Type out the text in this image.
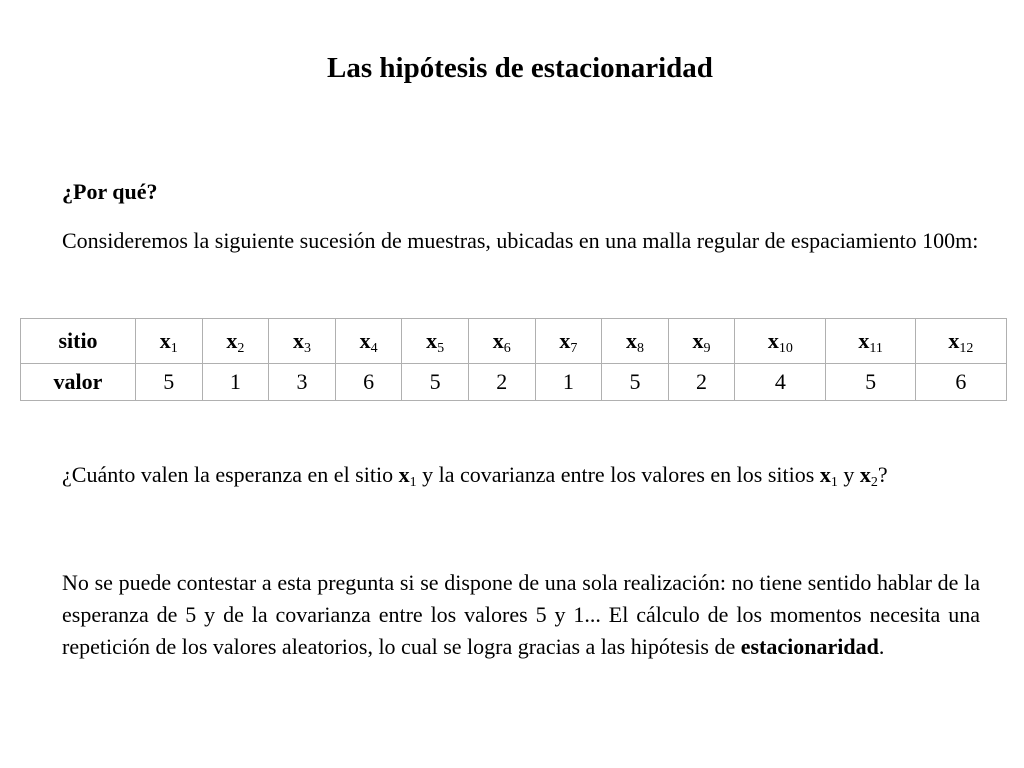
Las hipótesis de estacionaridad

¿Por qué?

Consideremos la siguiente sucesión de muestras, ubicadas en una malla regular de espaciamiento 100m:

sitio	$x_1$	$x_2$	$x_3$	$x_4$	$x_5$	$x_6$	$x_7$	$x_8$	$x_9$	$x_{10}$	$x_{11}$	$x_{12}$
valor	5	1	3	6	5	2	1	5	2	4	5	6

¿Cuánto valen la esperanza en el sitio $x_1$ y la covarianza entre los valores en los sitios $x_1$ y $x_2$?

No se puede contestar a esta pregunta si se dispone de una sola realización: no tiene sentido hablar de la esperanza de 5 y de la covarianza entre los valores 5 y 1... El cálculo de los momentos necesita una repetición de los valores aleatorios, lo cual se logra gracias a las hipótesis de estacionaridad.
